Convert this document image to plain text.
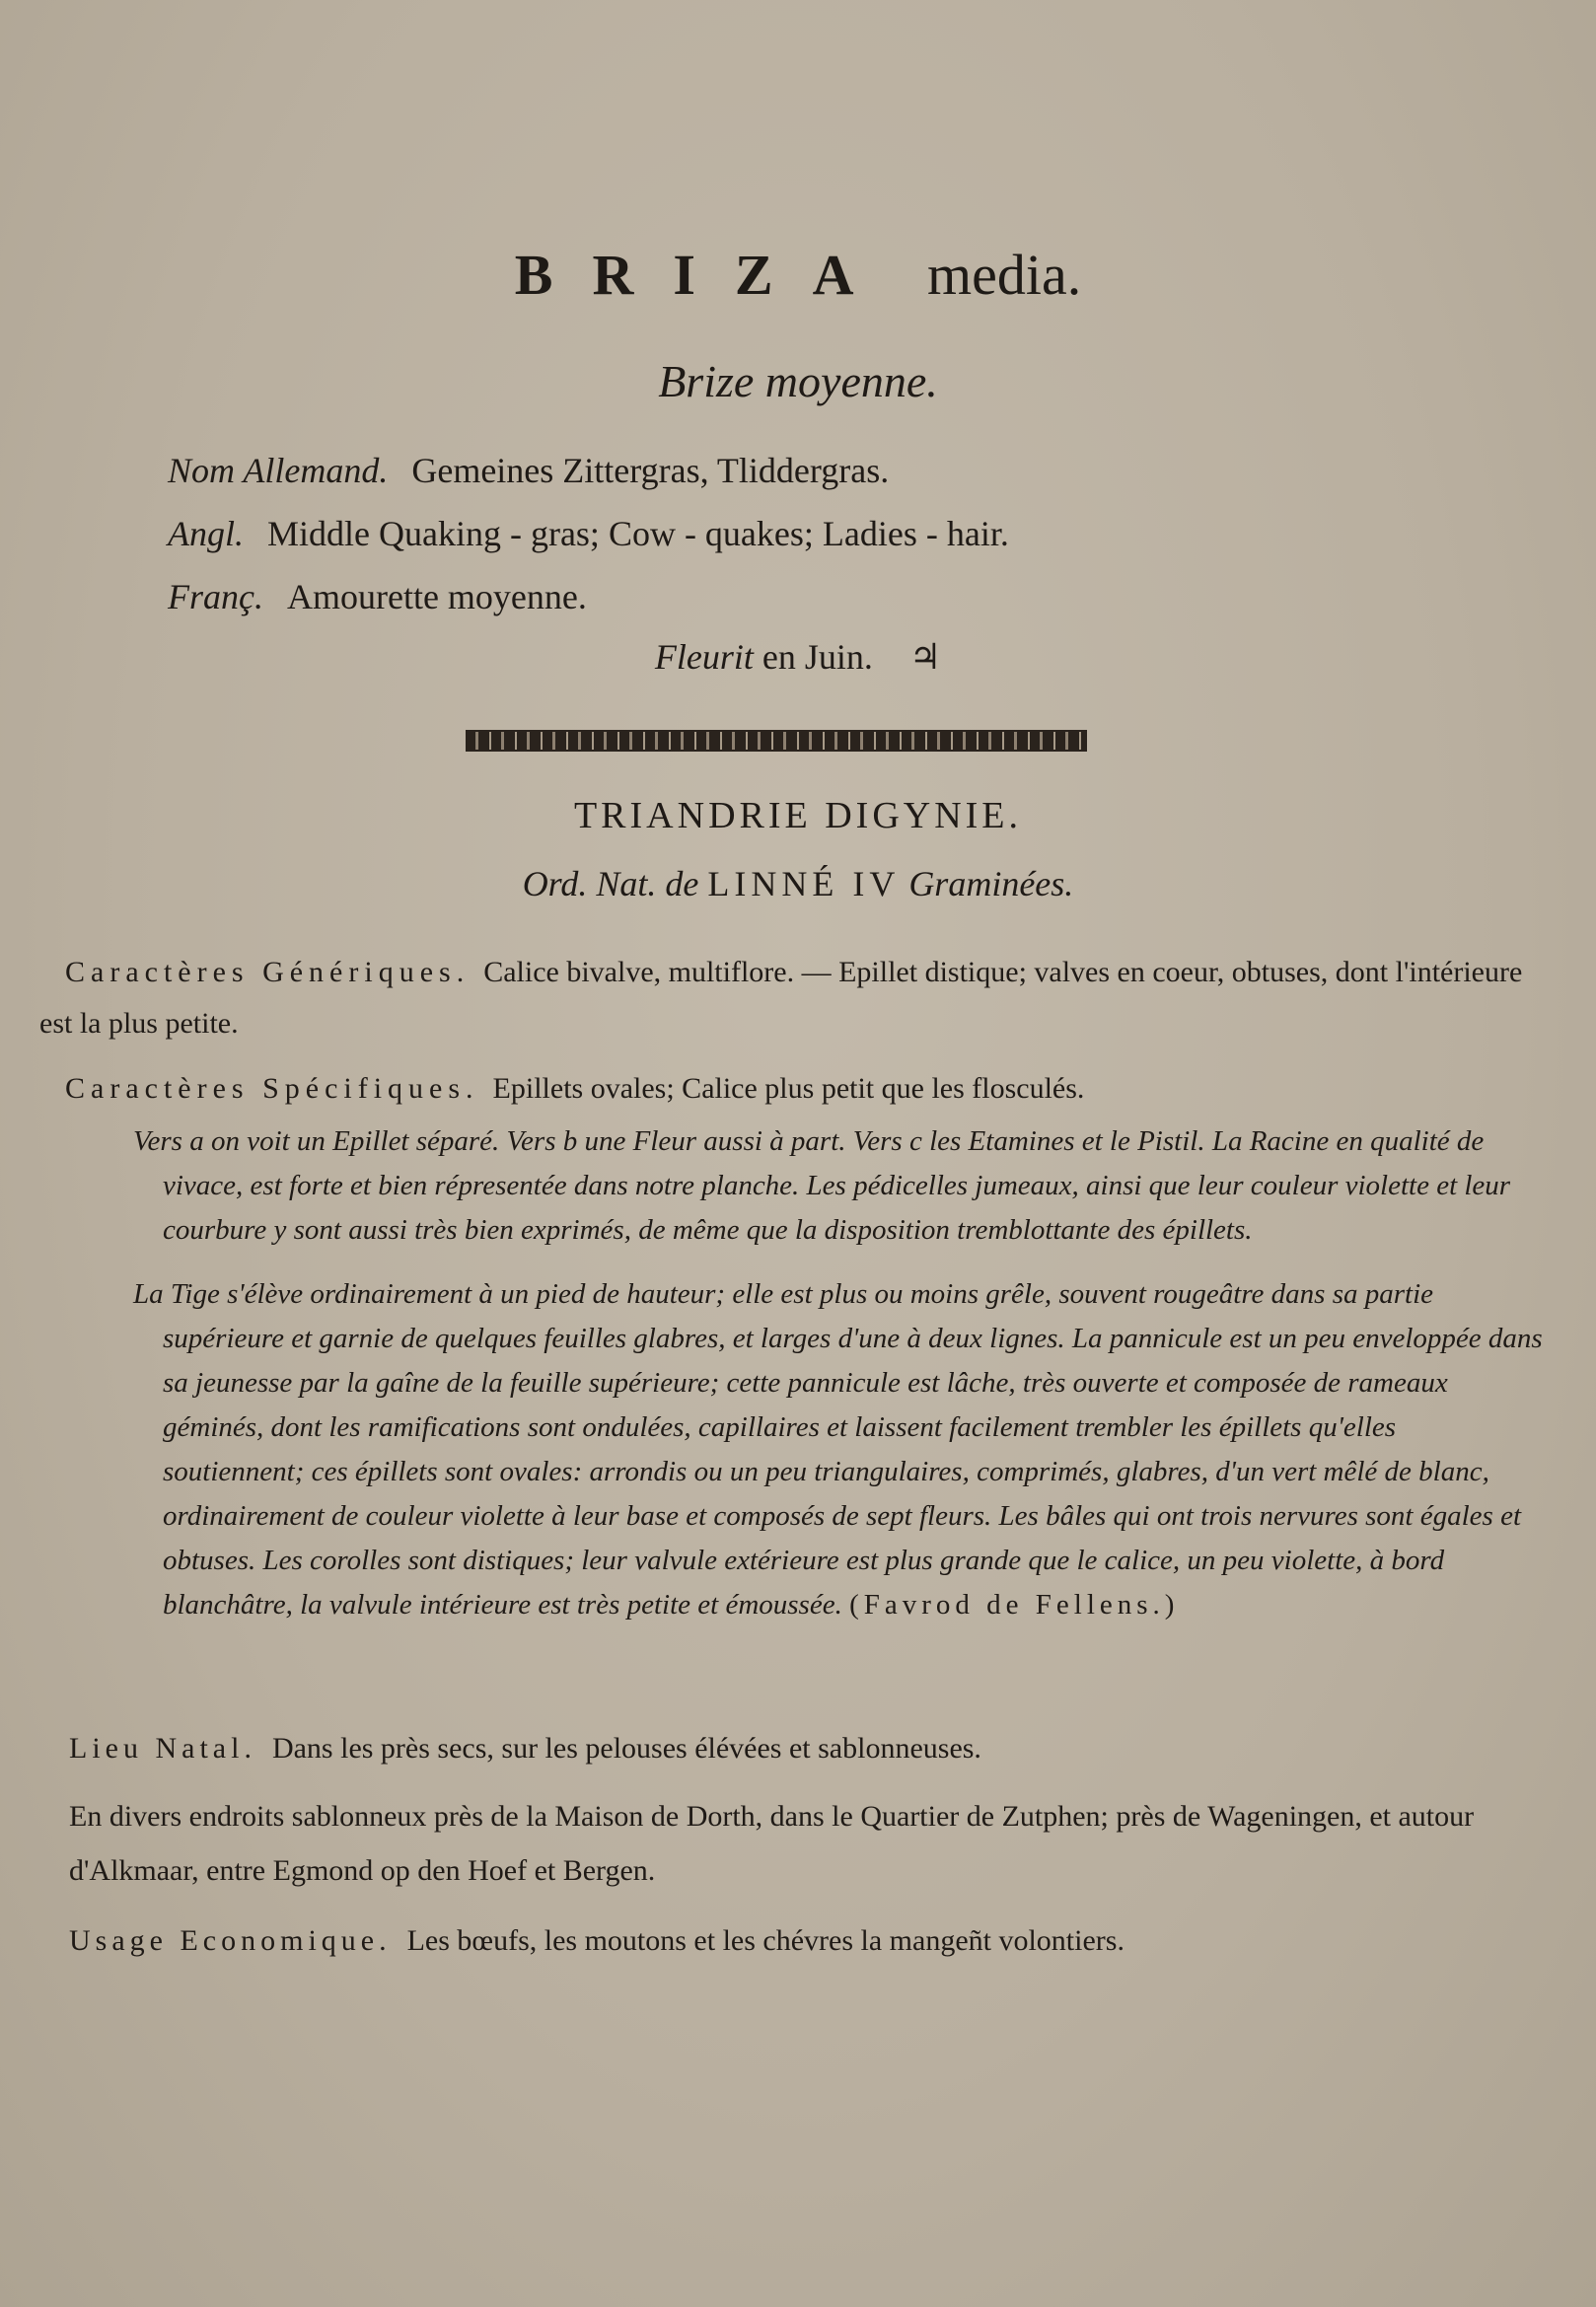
BRIZA media.
Brize moyenne.
Nom Allemand. Gemeines Zittergras, Tliddergras.
Angl. Middle Quaking - gras; Cow - quakes; Ladies - hair.
Franç. Amourette moyenne.
Fleurit en Juin. ♃
TRIANDRIE DIGYNIE.
Ord. Nat. de LINNÉ IV Graminées.

Caractères Génériques. Calice bivalve, multiflore. — Epillet distique; valves en coeur, obtuses, dont l'intérieure est la plus petite.

Caractères Spécifiques. Epillets ovales; Calice plus petit que les flosculés.

Vers a on voit un Epillet séparé. Vers b une Fleur aussi à part. Vers c les Etamines et le Pistil. La Racine en qualité de vivace, est forte et bien répresentée dans notre planche. Les pédicelles jumeaux, ainsi que leur couleur violette et leur courbure y sont aussi très bien exprimés, de même que la disposition tremblottante des épillets.

La Tige s'élève ordinairement à un pied de hauteur; elle est plus ou moins grêle, souvent rougeâtre dans sa partie supérieure et garnie de quelques feuilles glabres, et larges d'une à deux lignes. La pannicule est un peu enveloppée dans sa jeunesse par la gaîne de la feuille supérieure; cette pannicule est lâche, très ouverte et composée de rameaux géminés, dont les ramifications sont ondulées, capillaires et laissent facilement trembler les épillets qu'elles soutiennent; ces épillets sont ovales: arrondis ou un peu triangulaires, comprimés, glabres, d'un vert mêlé de blanc, ordinairement de couleur violette à leur base et composés de sept fleurs. Les bâles qui ont trois nervures sont égales et obtuses. Les corolles sont distiques; leur valvule extérieure est plus grande que le calice, un peu violette, à bord blanchâtre, la valvule intérieure est très petite et émoussée. (Favrod de Fellens.)

Lieu Natal. Dans les près secs, sur les pelouses élévées et sablonneuses.

En divers endroits sablonneux près de la Maison de Dorth, dans le Quartier de Zutphen; près de Wageningen, et autour d'Alkmaar, entre Egmond op den Hoef et Bergen.

Usage Economique. Les bœufs, les moutons et les chévres la mangeñt volontiers.
